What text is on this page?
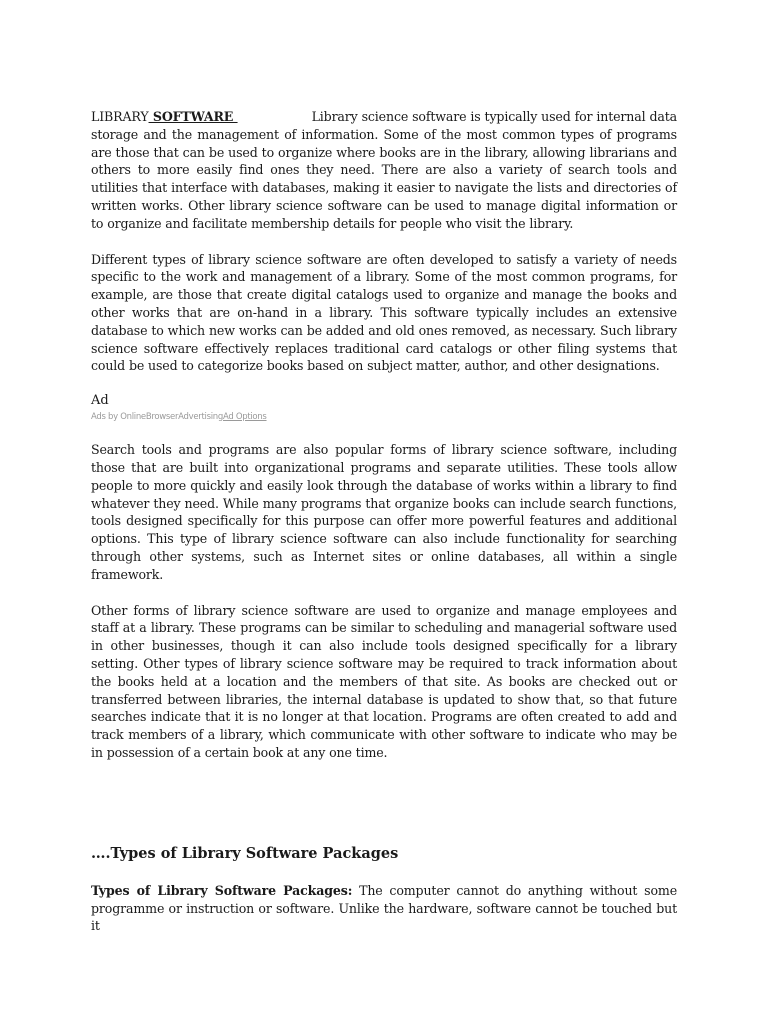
LIBRARY SOFTWARE	Library science software is typically used for internal data storage and the management of information. Some of the most common types of programs are those that can be used to organize where books are in the library, allowing librarians and others to more easily find ones they need. There are also a variety of search tools and utilities that interface with databases, making it easier to navigate the lists and directories of written works. Other library science software can be used to manage digital information or to organize and facilitate membership details for people who visit the library.

Different types of library science software are often developed to satisfy a variety of needs specific to the work and management of a library. Some of the most common programs, for example, are those that create digital catalogs used to organize and manage the books and other works that are on-hand in a library. This software typically includes an extensive database to which new works can be added and old ones removed, as necessary. Such library science software effectively replaces traditional card catalogs or other filing systems that could be used to categorize books based on subject matter, author, and other designations.

Ad
Ads by OnlineBrowserAdvertisingAd Options

Search tools and programs are also popular forms of library science software, including those that are built into organizational programs and separate utilities. These tools allow people to more quickly and easily look through the database of works within a library to find whatever they need. While many programs that organize books can include search functions, tools designed specifically for this purpose can offer more powerful features and additional options. This type of library science software can also include functionality for searching through other systems, such as Internet sites or online databases, all within a single framework.

Other forms of library science software are used to organize and manage employees and staff at a library. These programs can be similar to scheduling and managerial software used in other businesses, though it can also include tools designed specifically for a library setting. Other types of library science software may be required to track information about the books held at a location and the members of that site. As books are checked out or transferred between libraries, the internal database is updated to show that, so that future searches indicate that it is no longer at that location. Programs are often created to add and track members of a library, which communicate with other software to indicate who may be in possession of a certain book at any one time.

….Types of Library Software Packages

Types of Library Software Packages: The computer cannot do anything without some programme or instruction or software. Unlike the hardware, software cannot be touched but it
